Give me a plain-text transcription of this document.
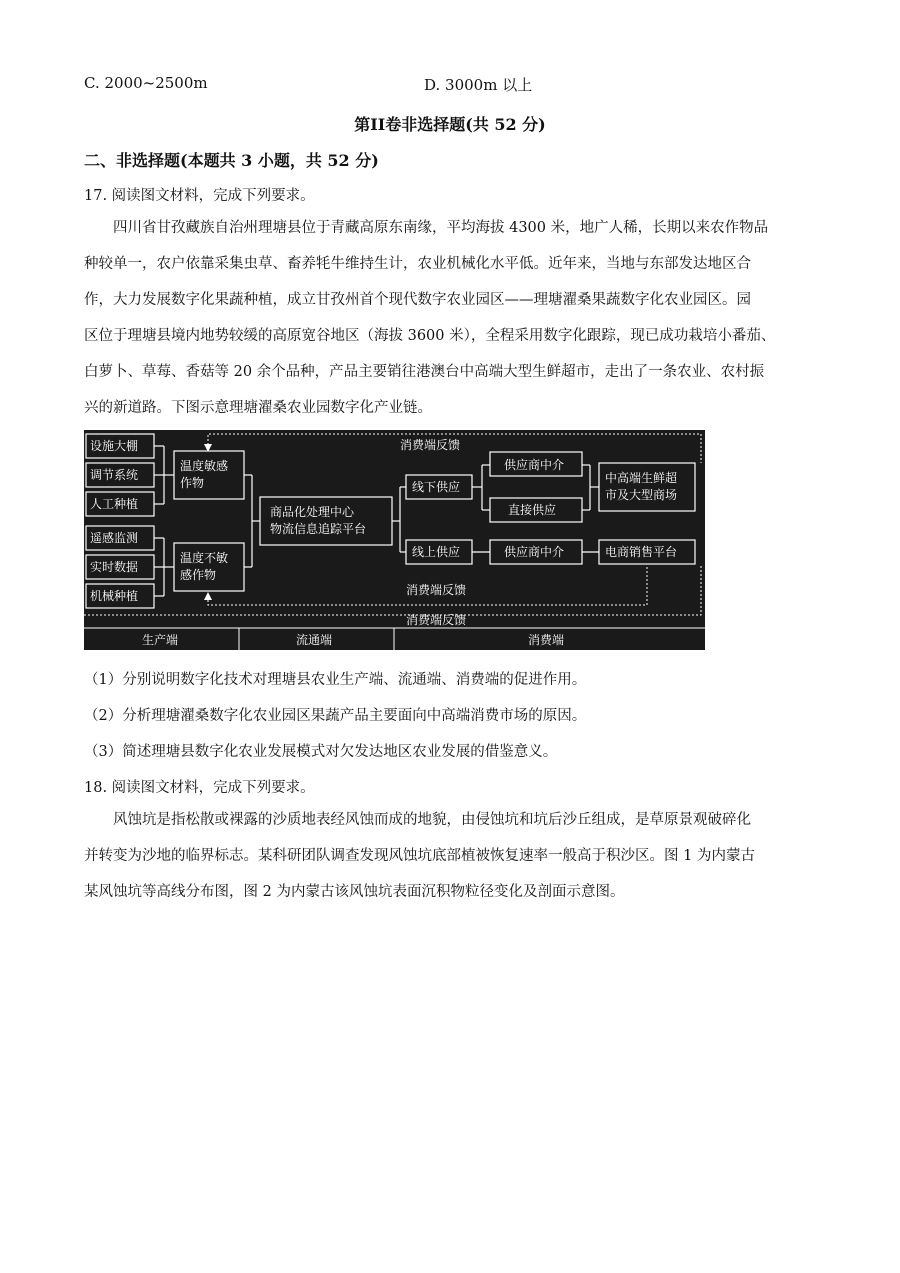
C. 2000~2500m	D. 3000m 以上
第II卷非选择题(共 52 分)
二、非选择题(本题共 3 小题，共 52 分)
17. 阅读图文材料，完成下列要求。
四川省甘孜藏族自治州理塘县位于青藏高原东南缘，平均海拔 4300 米，地广人稀，长期以来农作物品
种较单一，农户依靠采集虫草、畜养牦牛维持生计，农业机械化水平低。近年来，当地与东部发达地区合
作，大力发展数字化果蔬种植，成立甘孜州首个现代数字农业园区——理塘濯桑果蔬数字化农业园区。园
区位于理塘县境内地势较缓的高原宽谷地区（海拔 3600 米），全程采用数字化跟踪，现已成功栽培小番茄、
白萝卜、草莓、香菇等 20 余个品种，产品主要销往港澳台中高端大型生鲜超市，走出了一条农业、农村振
兴的新道路。下图示意理塘濯桑农业园数字化产业链。
设施大棚
调节系统
人工种植
遥感监测
实时数据
机械种植
温度敏感
作物
温度不敏
感作物
商品化处理中心
物流信息追踪平台
线下供应
线上供应
供应商中介
直接供应
供应商中介
中高端生鲜超
市及大型商场
电商销售平台
消费端反馈
消费端反馈
消费端反馈
生产端	流通端	消费端
（1）分别说明数字化技术对理塘县农业生产端、流通端、消费端的促进作用。
（2）分析理塘濯桑数字化农业园区果蔬产品主要面向中高端消费市场的原因。
（3）简述理塘县数字化农业发展模式对欠发达地区农业发展的借鉴意义。
18. 阅读图文材料，完成下列要求。
风蚀坑是指松散或裸露的沙质地表经风蚀而成的地貌，由侵蚀坑和坑后沙丘组成，是草原景观破碎化
并转变为沙地的临界标志。某科研团队调查发现风蚀坑底部植被恢复速率一般高于积沙区。图 1 为内蒙古
某风蚀坑等高线分布图，图 2 为内蒙古该风蚀坑表面沉积物粒径变化及剖面示意图。
